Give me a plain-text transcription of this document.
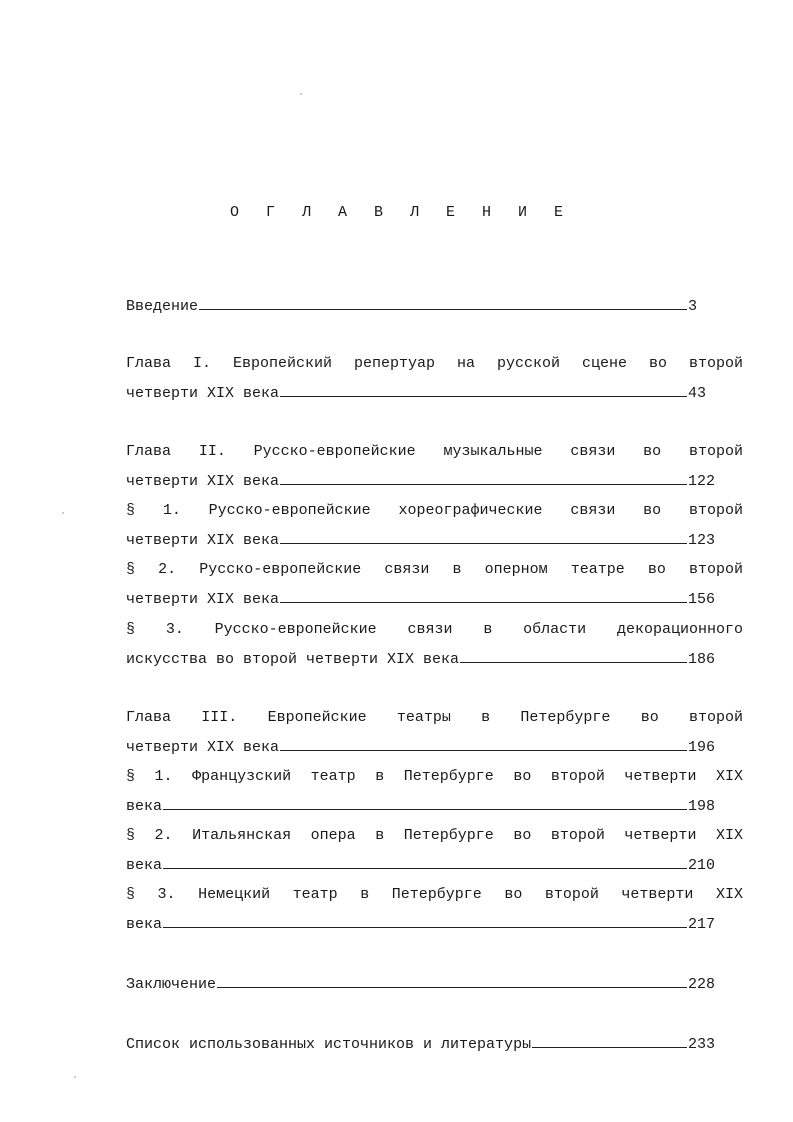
О Г Л А В Л Е Н И Е
Введение	3
Глава I. Европейский репертуар на русской сцене во второй
четверти XIX века	43
Глава II. Русско-европейские музыкальные связи во второй
четверти XIX века	122
§ 1. Русско-европейские хореографические связи во второй
четверти XIX века	123
§ 2. Русско-европейские связи в оперном театре во второй
четверти XIX века	156
§ 3. Русско-европейские связи в области декорационного
искусства во второй четверти XIX века	186
Глава III. Европейские театры в Петербурге во второй
четверти XIX века	196
§ 1. Французский театр в Петербурге во второй четверти XIX
века	198
§ 2. Итальянская опера в Петербурге во второй четверти XIX
века	210
§ 3. Немецкий театр в Петербурге во второй четверти XIX
века	217
Заключение	228
Список использованных источников и литературы	233
